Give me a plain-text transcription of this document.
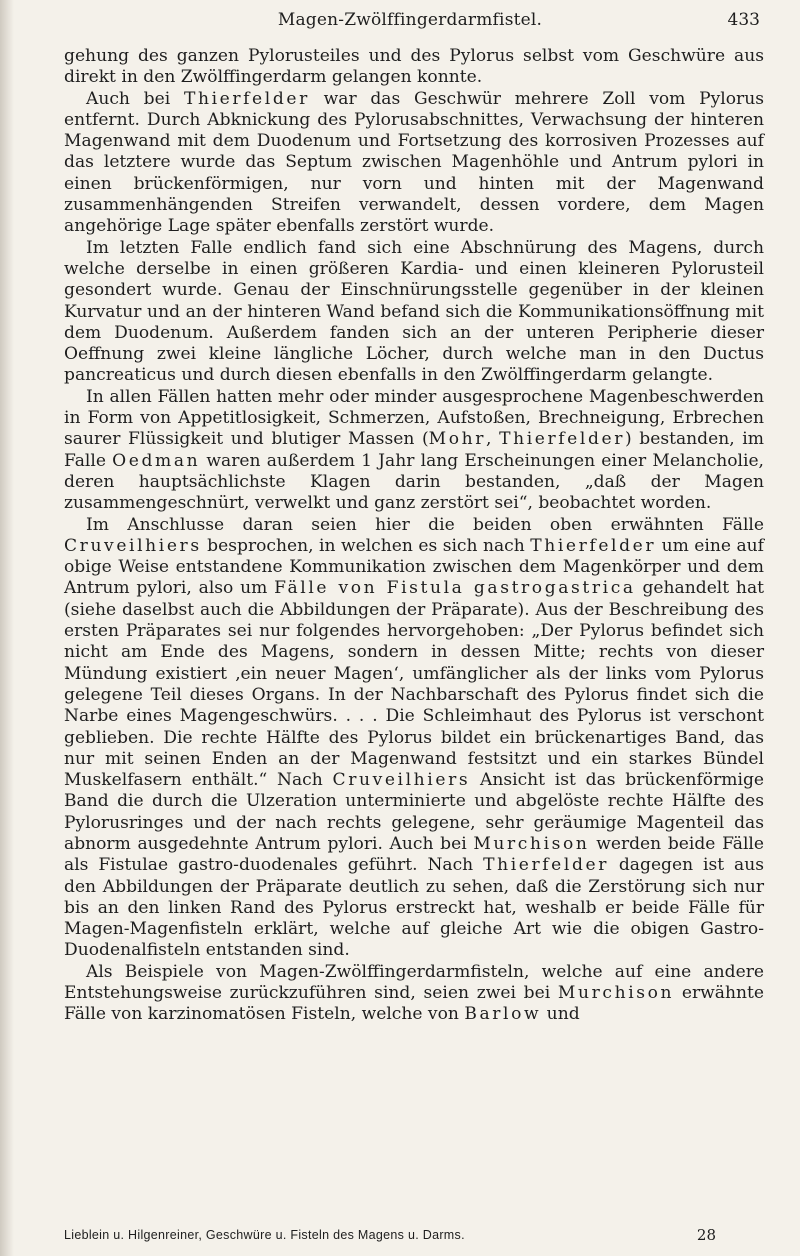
Magen-Zwölffingerdarmfistel.	433

gehung des ganzen Pylorusteiles und des Pylorus selbst vom Geschwüre aus direkt in den Zwölffingerdarm gelangen konnte.

Auch bei Thierfelder war das Geschwür mehrere Zoll vom Pylorus entfernt. Durch Abknickung des Pylorusabschnittes, Verwachsung der hinteren Magenwand mit dem Duodenum und Fortsetzung des korrosiven Prozesses auf das letztere wurde das Septum zwischen Magenhöhle und Antrum pylori in einen brückenförmigen, nur vorn und hinten mit der Magenwand zusammenhängenden Streifen verwandelt, dessen vordere, dem Magen angehörige Lage später ebenfalls zerstört wurde.

Im letzten Falle endlich fand sich eine Abschnürung des Magens, durch welche derselbe in einen größeren Kardia- und einen kleineren Pylorusteil gesondert wurde. Genau der Einschnürungsstelle gegenüber in der kleinen Kurvatur und an der hinteren Wand befand sich die Kommunikationsöffnung mit dem Duodenum. Außerdem fanden sich an der unteren Peripherie dieser Oeffnung zwei kleine längliche Löcher, durch welche man in den Ductus pancreaticus und durch diesen ebenfalls in den Zwölffingerdarm gelangte.

In allen Fällen hatten mehr oder minder ausgesprochene Magenbeschwerden in Form von Appetitlosigkeit, Schmerzen, Aufstoßen, Brechneigung, Erbrechen saurer Flüssigkeit und blutiger Massen (Mohr, Thierfelder) bestanden, im Falle Oedman waren außerdem 1 Jahr lang Erscheinungen einer Melancholie, deren hauptsächlichste Klagen darin bestanden, „daß der Magen zusammengeschnürt, verwelkt und ganz zerstört sei“, beobachtet worden.

Im Anschlusse daran seien hier die beiden oben erwähnten Fälle Cruveilhiers besprochen, in welchen es sich nach Thierfelder um eine auf obige Weise entstandene Kommunikation zwischen dem Magenkörper und dem Antrum pylori, also um Fälle von Fistula gastrogastrica gehandelt hat (siehe daselbst auch die Abbildungen der Präparate). Aus der Beschreibung des ersten Präparates sei nur folgendes hervorgehoben: „Der Pylorus befindet sich nicht am Ende des Magens, sondern in dessen Mitte; rechts von dieser Mündung existiert ‚ein neuer Magen‘, umfänglicher als der links vom Pylorus gelegene Teil dieses Organs. In der Nachbarschaft des Pylorus findet sich die Narbe eines Magengeschwürs. . . . Die Schleimhaut des Pylorus ist verschont geblieben. Die rechte Hälfte des Pylorus bildet ein brückenartiges Band, das nur mit seinen Enden an der Magenwand festsitzt und ein starkes Bündel Muskelfasern enthält.“ Nach Cruveilhiers Ansicht ist das brückenförmige Band die durch die Ulzeration unterminierte und abgelöste rechte Hälfte des Pylorusringes und der nach rechts gelegene, sehr geräumige Magenteil das abnorm ausgedehnte Antrum pylori. Auch bei Murchison werden beide Fälle als Fistulae gastro-duodenales geführt. Nach Thierfelder dagegen ist aus den Abbildungen der Präparate deutlich zu sehen, daß die Zerstörung sich nur bis an den linken Rand des Pylorus erstreckt hat, weshalb er beide Fälle für Magen-Magenfisteln erklärt, welche auf gleiche Art wie die obigen Gastro-Duodenalfisteln entstanden sind.

Als Beispiele von Magen-Zwölffingerdarmfisteln, welche auf eine andere Entstehungsweise zurückzuführen sind, seien zwei bei Murchison erwähnte Fälle von karzinomatösen Fisteln, welche von Barlow und

Lieblein u. Hilgenreiner, Geschwüre u. Fisteln des Magens u. Darms.	28
